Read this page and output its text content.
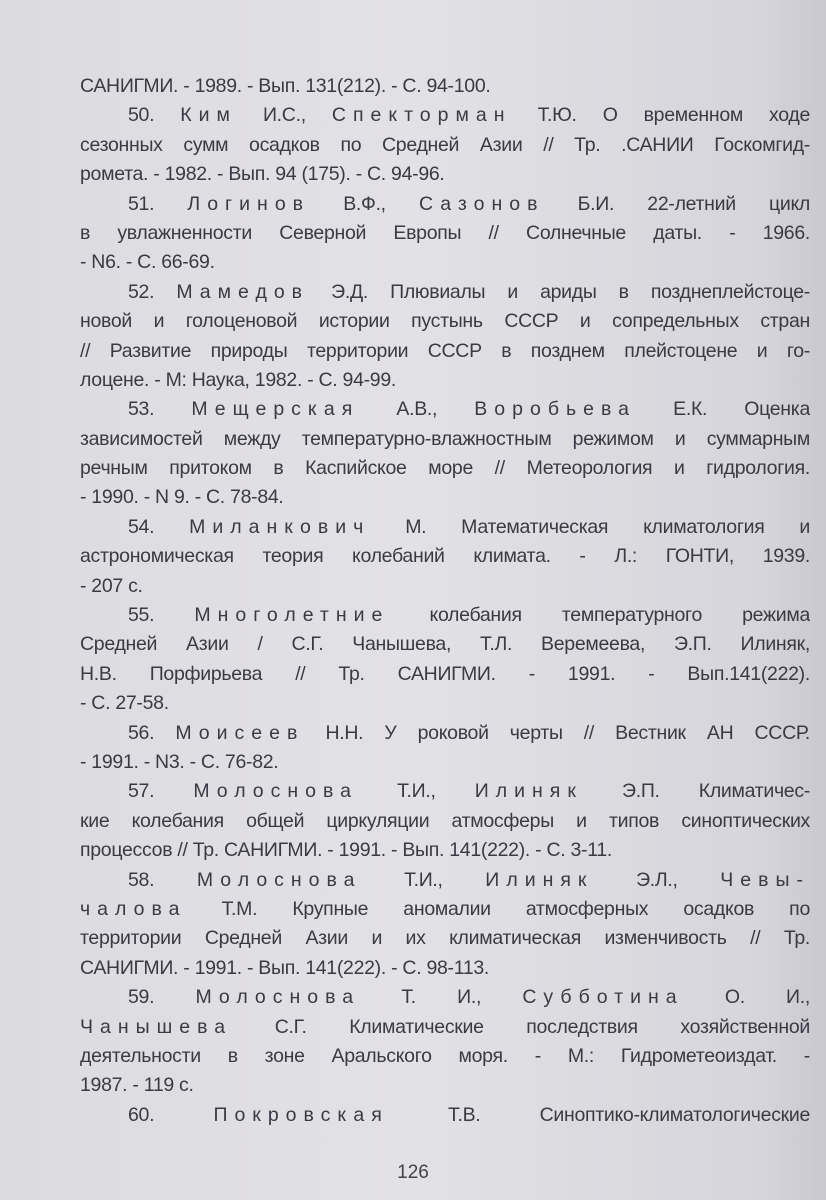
САНИГМИ. - 1989. - Вып. 131(212). - С. 94-100.
50. Ким И.С., Спекторман Т.Ю. О временном ходе
сезонных сумм осадков по Средней Азии // Тр. .САНИИ Госкомгид-
ромета. - 1982. - Вып. 94 (175). - С. 94-96.
51. Логинов В.Ф., Сазонов Б.И. 22-летний цикл
в увлажненности Северной Европы // Солнечные даты. - 1966.
- N6. - С. 66-69.
52. Мамедов Э.Д. Плювиалы и ариды в позднеплейстоце-
новой и голоценовой истории пустынь СССР и сопредельных стран
// Развитие природы территории СССР в позднем плейстоцене и го-
лоцене. - М: Наука, 1982. - С. 94-99.
53. Мещерская А.В., Воробьева Е.К. Оценка
зависимостей между температурно-влажностным режимом и суммарным
речным притоком в Каспийское море // Метеорология и гидрология.
- 1990. - N 9. - С. 78-84.
54. Миланкович М. Математическая климатология и
астрономическая теория колебаний климата. - Л.: ГОНТИ, 1939.
- 207 с.
55. Многолетние колебания температурного режима
Средней Азии / С.Г. Чанышева, Т.Л. Веремеева, Э.П. Илиняк,
Н.В. Порфирьева // Тр. САНИГМИ. - 1991. - Вып.141(222).
- С. 27-58.
56. Моисеев Н.Н. У роковой черты // Вестник АН СССР.
- 1991. - N3. - С. 76-82.
57. Молоснова Т.И., Илиняк Э.П. Климатичес-
кие колебания общей циркуляции атмосферы и типов синоптических
процессов // Тр. САНИГМИ. - 1991. - Вып. 141(222). - С. 3-11.
58. Молоснова Т.И., Илиняк Э.Л., Чевы-
чалова Т.М. Крупные аномалии атмосферных осадков по
территории Средней Азии и их климатическая изменчивость // Тр.
САНИГМИ. - 1991. - Вып. 141(222). - С. 98-113.
59. Молоснова Т. И., Субботина О. И.,
Чанышева С.Г. Климатические последствия хозяйственной
деятельности в зоне Аральского моря. - М.: Гидрометеоиздат. -
1987. - 119 с.
60. Покровская Т.В. Синоптико-климатологические
126
